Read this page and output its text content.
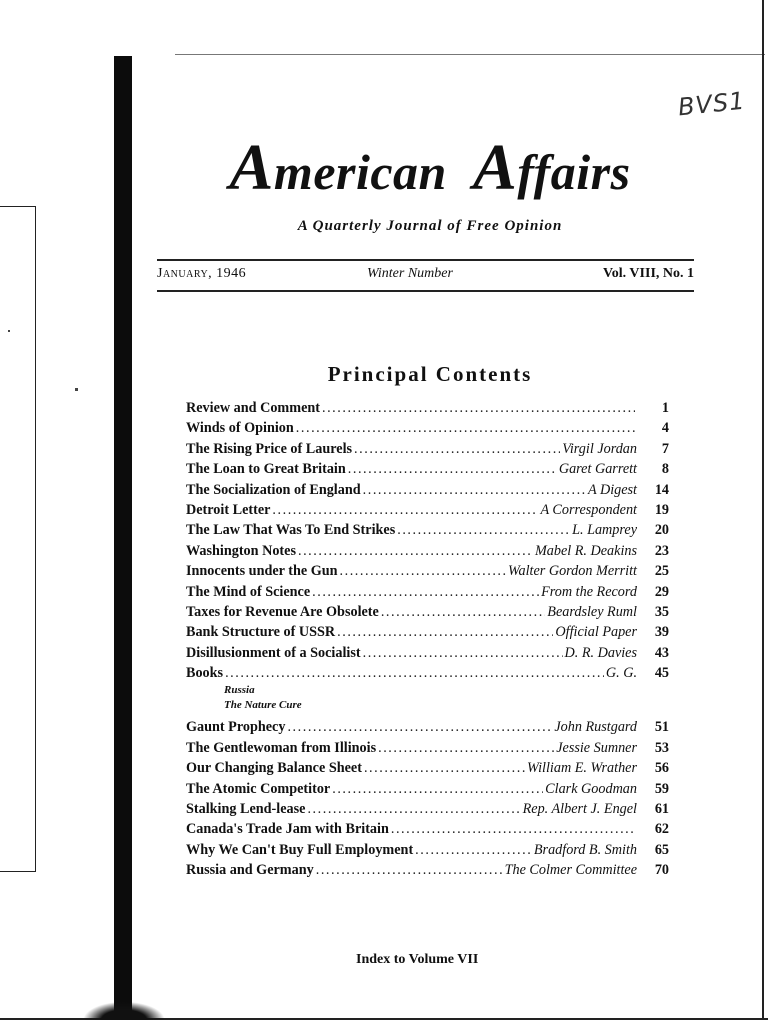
BVS1
American Affairs
A Quarterly Journal of Free Opinion
January, 1946	Winter Number	Vol. VIII, No. 1
Principal Contents
Review and Comment . . .	1
Winds of Opinion . . .	4
The Rising Price of Laurels . . .	Virgil Jordan	7
The Loan to Great Britain . . .	Garet Garrett	8
The Socialization of England . . .	A Digest	14
Detroit Letter . . .	A Correspondent	19
The Law That Was To End Strikes . . .	L. Lamprey	20
Washington Notes . . .	Mabel R. Deakins	23
Innocents under the Gun . . .	Walter Gordon Merritt	25
The Mind of Science . . .	From the Record	29
Taxes for Revenue Are Obsolete . . .	Beardsley Ruml	35
Bank Structure of USSR . . .	Official Paper	39
Disillusionment of a Socialist . . .	D. R. Davies	43
Books . . .	G. G.	45
Russia
The Nature Cure
Gaunt Prophecy . . .	John Rustgard	51
The Gentlewoman from Illinois . . .	Jessie Sumner	53
Our Changing Balance Sheet . . .	William E. Wrather	56
The Atomic Competitor . . .	Clark Goodman	59
Stalking Lend-lease . . .	Rep. Albert J. Engel	61
Canada's Trade Jam with Britain . . .	62
Why We Can't Buy Full Employment . . .	Bradford B. Smith	65
Russia and Germany . . .	The Colmer Committee	70
Index to Volume VII
